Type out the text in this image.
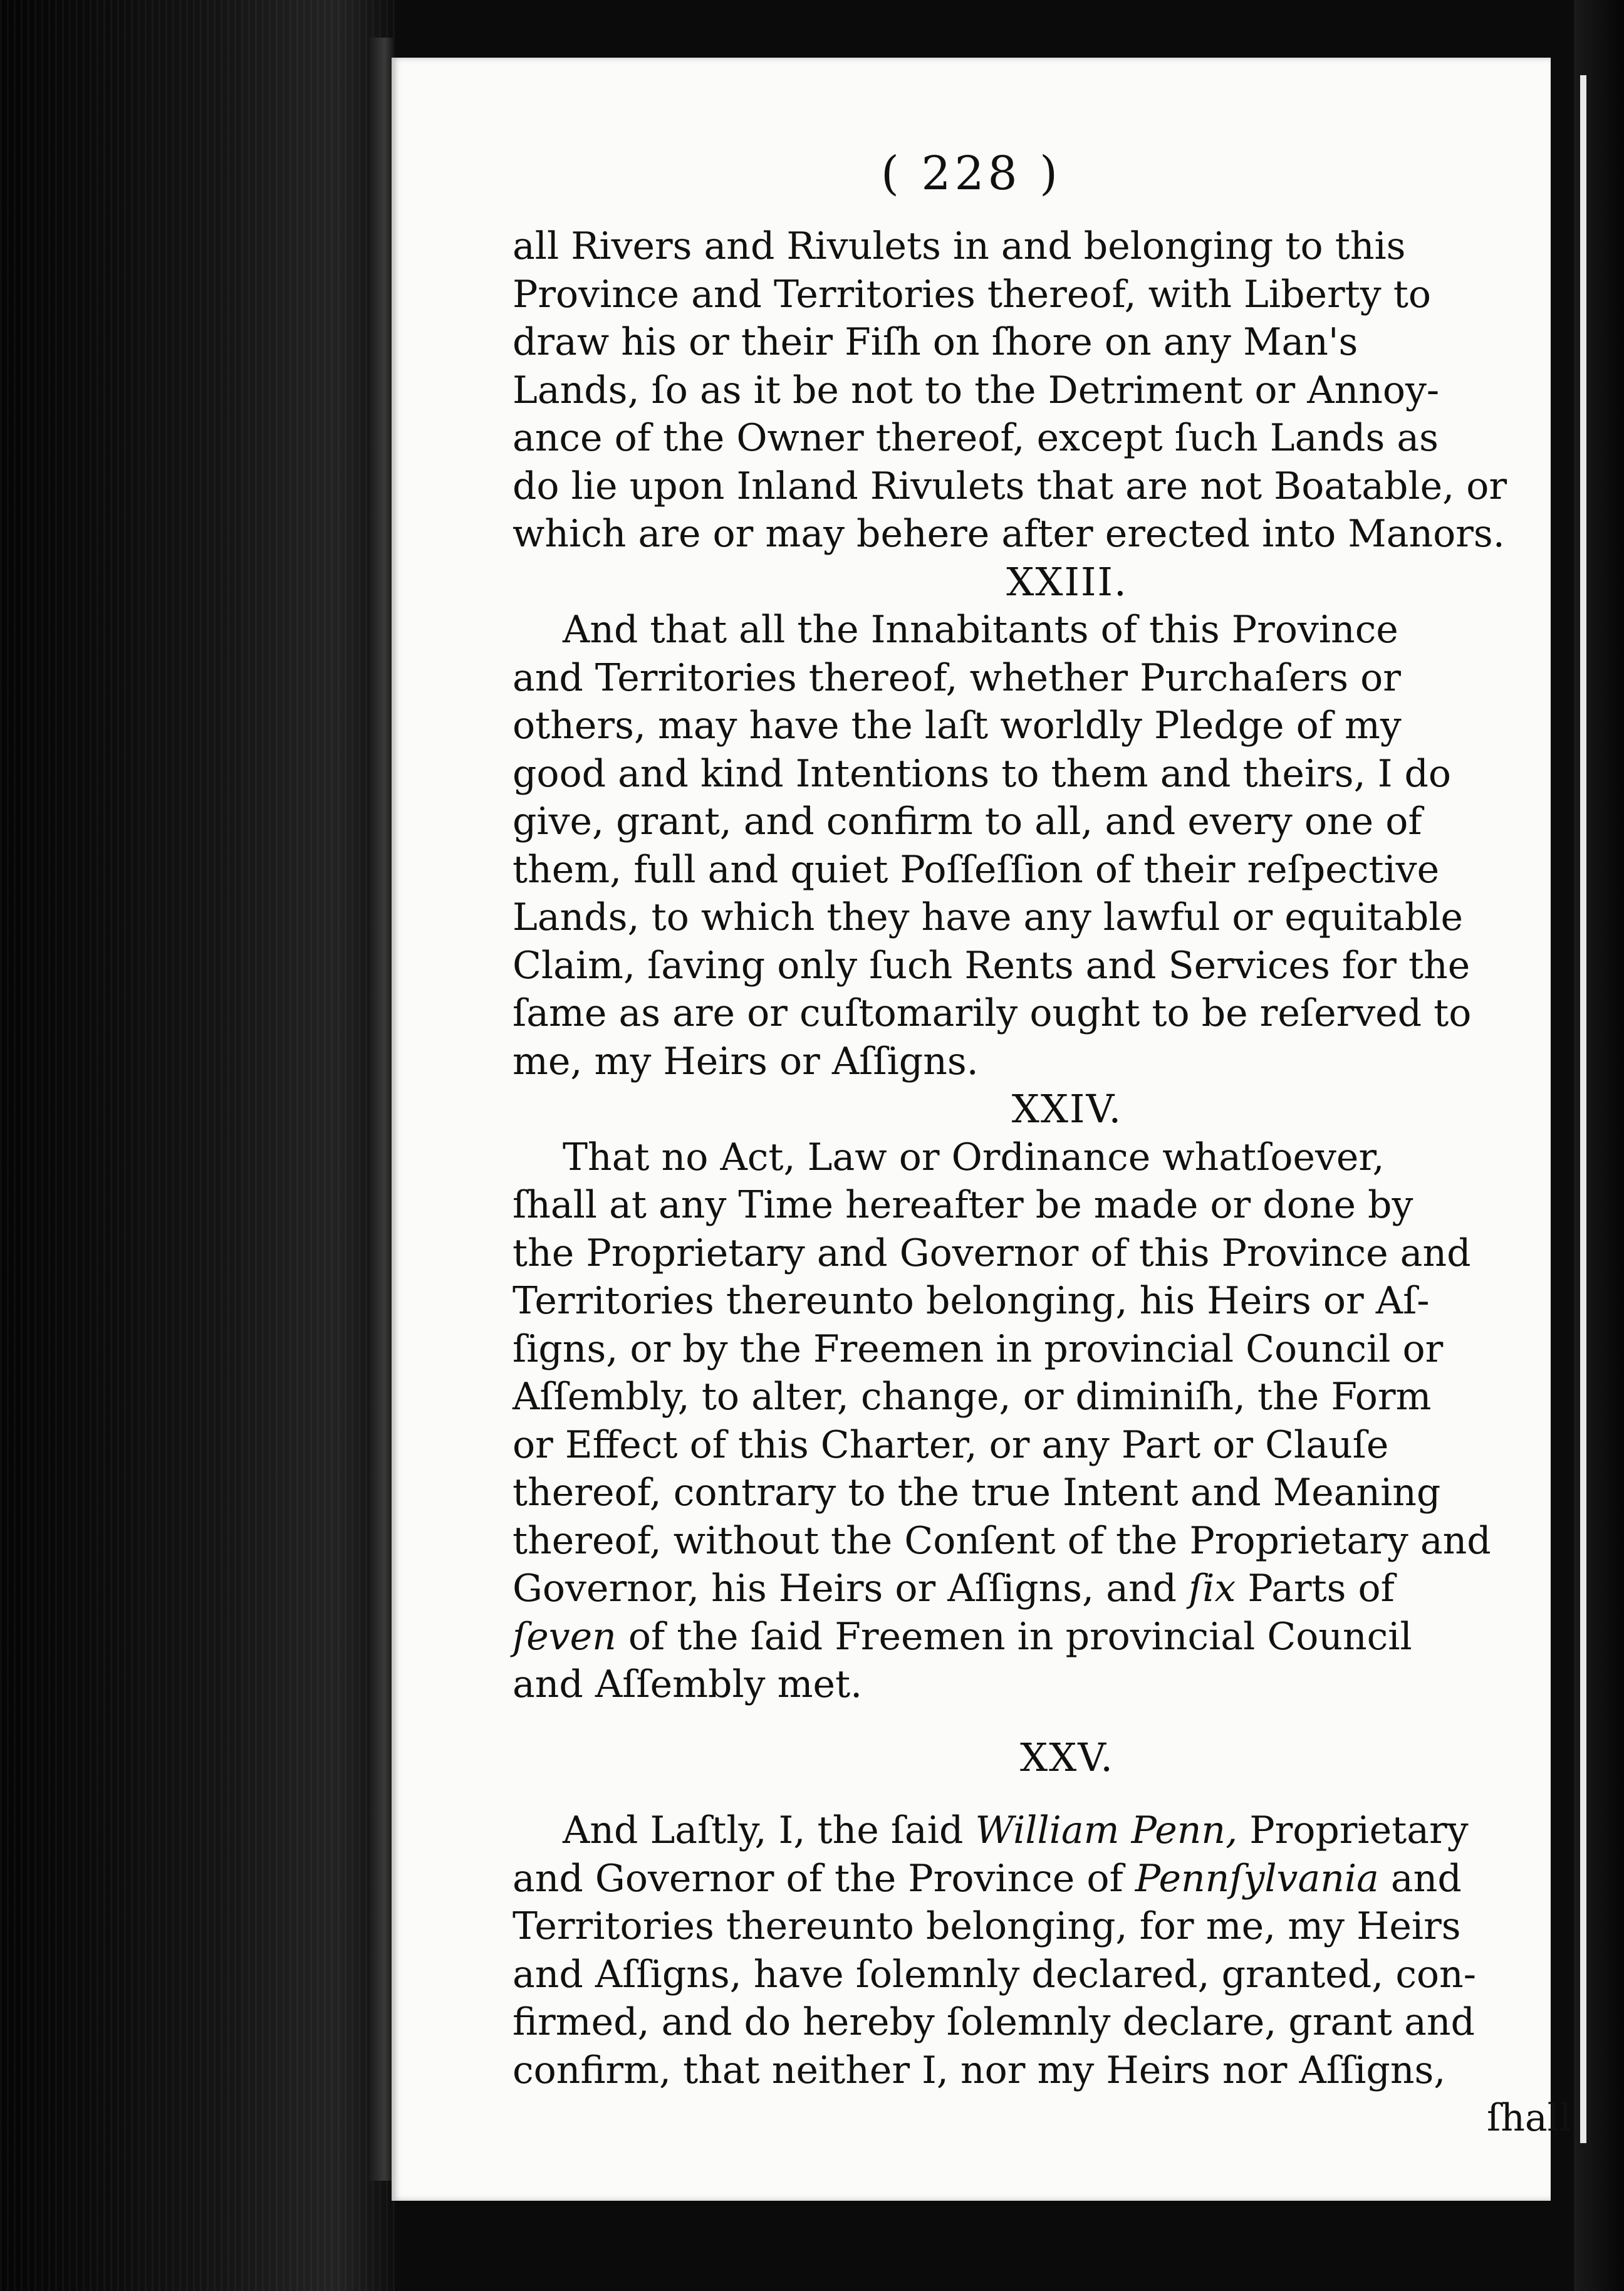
( 228 )
all Rivers and Rivulets in and belonging to this
Province and Territories thereof, with Liberty to
draw his or their Fiſh on ſhore on any Man's
Lands, ſo as it be not to the Detriment or Annoy-
ance of the Owner thereof, except ſuch Lands as
do lie upon Inland Rivulets that are not Boatable, or
which are or may behere after erected into Manors.
XXIII.
And that all the Innabitants of this Province
and Territories thereof, whether Purchaſers or
others, may have the laſt worldly Pledge of my
good and kind Intentions to them and theirs, I do
give, grant, and confirm to all, and every one of
them, full and quiet Poſſeſſion of their reſpective
Lands, to which they have any lawful or equitable
Claim, ſaving only ſuch Rents and Services for the
ſame as are or cuſtomarily ought to be reſerved to
me, my Heirs or Aſſigns.
XXIV.
That no Act, Law or Ordinance whatſoever,
ſhall at any Time hereafter be made or done by
the Proprietary and Governor of this Province and
Territories thereunto belonging, his Heirs or Aſ-
ſigns, or by the Freemen in provincial Council or
Aſſembly, to alter, change, or diminiſh, the Form
or Effect of this Charter, or any Part or Clauſe
thereof, contrary to the true Intent and Meaning
thereof, without the Conſent of the Proprietary and
Governor, his Heirs or Aſſigns, and ſix Parts of
ſeven of the ſaid Freemen in provincial Council
and Aſſembly met.
XXV.
And Laſtly, I, the ſaid William Penn, Proprietary
and Governor of the Province of Pennſylvania and
Territories thereunto belonging, for me, my Heirs
and Aſſigns, have ſolemnly declared, granted, con-
firmed, and do hereby ſolemnly declare, grant and
confirm, that neither I, nor my Heirs nor Aſſigns,
ſhall
